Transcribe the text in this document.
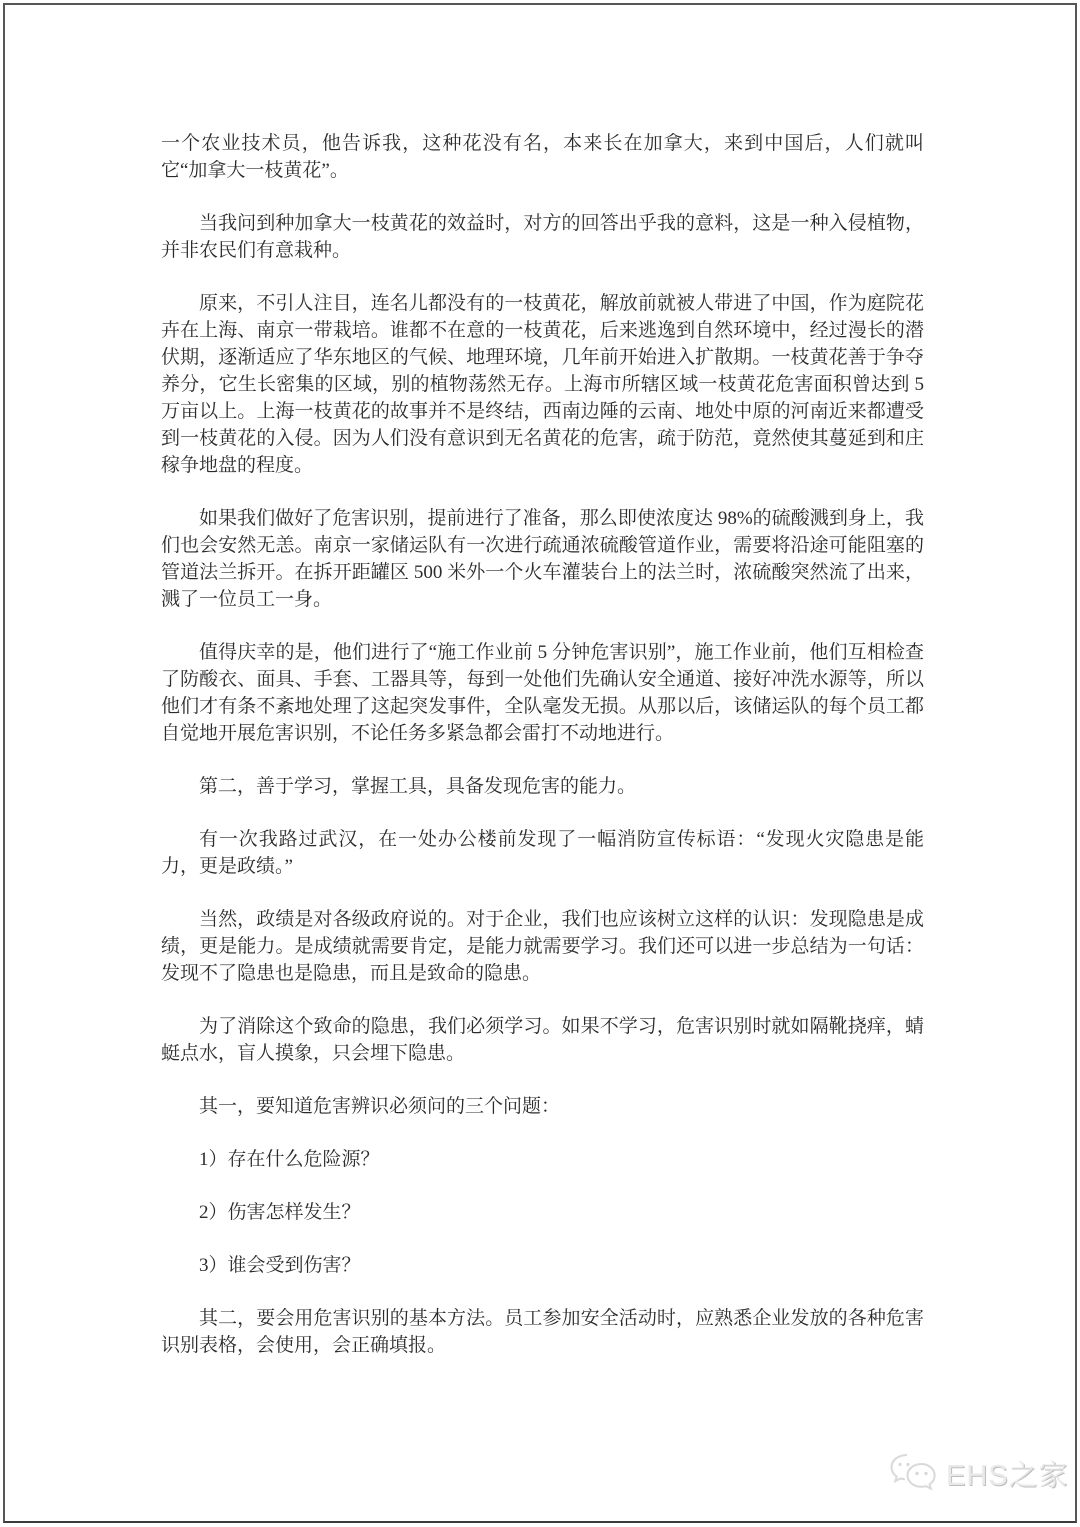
一个农业技术员，他告诉我，这种花没有名，本来长在加拿大，来到中国后，人们就叫它“加拿大一枝黄花”。

当我问到种加拿大一枝黄花的效益时，对方的回答出乎我的意料，这是一种入侵植物，并非农民们有意栽种。

原来，不引人注目，连名儿都没有的一枝黄花，解放前就被人带进了中国，作为庭院花卉在上海、南京一带栽培。谁都不在意的一枝黄花，后来逃逸到自然环境中，经过漫长的潜伏期，逐渐适应了华东地区的气候、地理环境，几年前开始进入扩散期。一枝黄花善于争夺养分，它生长密集的区域，别的植物荡然无存。上海市所辖区域一枝黄花危害面积曾达到 5 万亩以上。上海一枝黄花的故事并不是终结，西南边陲的云南、地处中原的河南近来都遭受到一枝黄花的入侵。因为人们没有意识到无名黄花的危害，疏于防范，竟然使其蔓延到和庄稼争地盘的程度。

如果我们做好了危害识别，提前进行了准备，那么即使浓度达 98%的硫酸溅到身上，我们也会安然无恙。南京一家储运队有一次进行疏通浓硫酸管道作业，需要将沿途可能阻塞的管道法兰拆开。在拆开距罐区 500 米外一个火车灌装台上的法兰时，浓硫酸突然流了出来，溅了一位员工一身。

值得庆幸的是，他们进行了“施工作业前 5 分钟危害识别”，施工作业前，他们互相检查了防酸衣、面具、手套、工器具等，每到一处他们先确认安全通道、接好冲洗水源等，所以他们才有条不紊地处理了这起突发事件，全队毫发无损。从那以后，该储运队的每个员工都自觉地开展危害识别，不论任务多紧急都会雷打不动地进行。

第二，善于学习，掌握工具，具备发现危害的能力。

有一次我路过武汉，在一处办公楼前发现了一幅消防宣传标语：“发现火灾隐患是能力，更是政绩。”

当然，政绩是对各级政府说的。对于企业，我们也应该树立这样的认识：发现隐患是成绩，更是能力。是成绩就需要肯定，是能力就需要学习。我们还可以进一步总结为一句话：发现不了隐患也是隐患，而且是致命的隐患。

为了消除这个致命的隐患，我们必须学习。如果不学习，危害识别时就如隔靴挠痒，蜻蜓点水，盲人摸象，只会埋下隐患。

其一，要知道危害辨识必须问的三个问题：

1）存在什么危险源？

2）伤害怎样发生？

3）谁会受到伤害？

其二，要会用危害识别的基本方法。员工参加安全活动时，应熟悉企业发放的各种危害识别表格，会使用，会正确填报。

EHS之家
